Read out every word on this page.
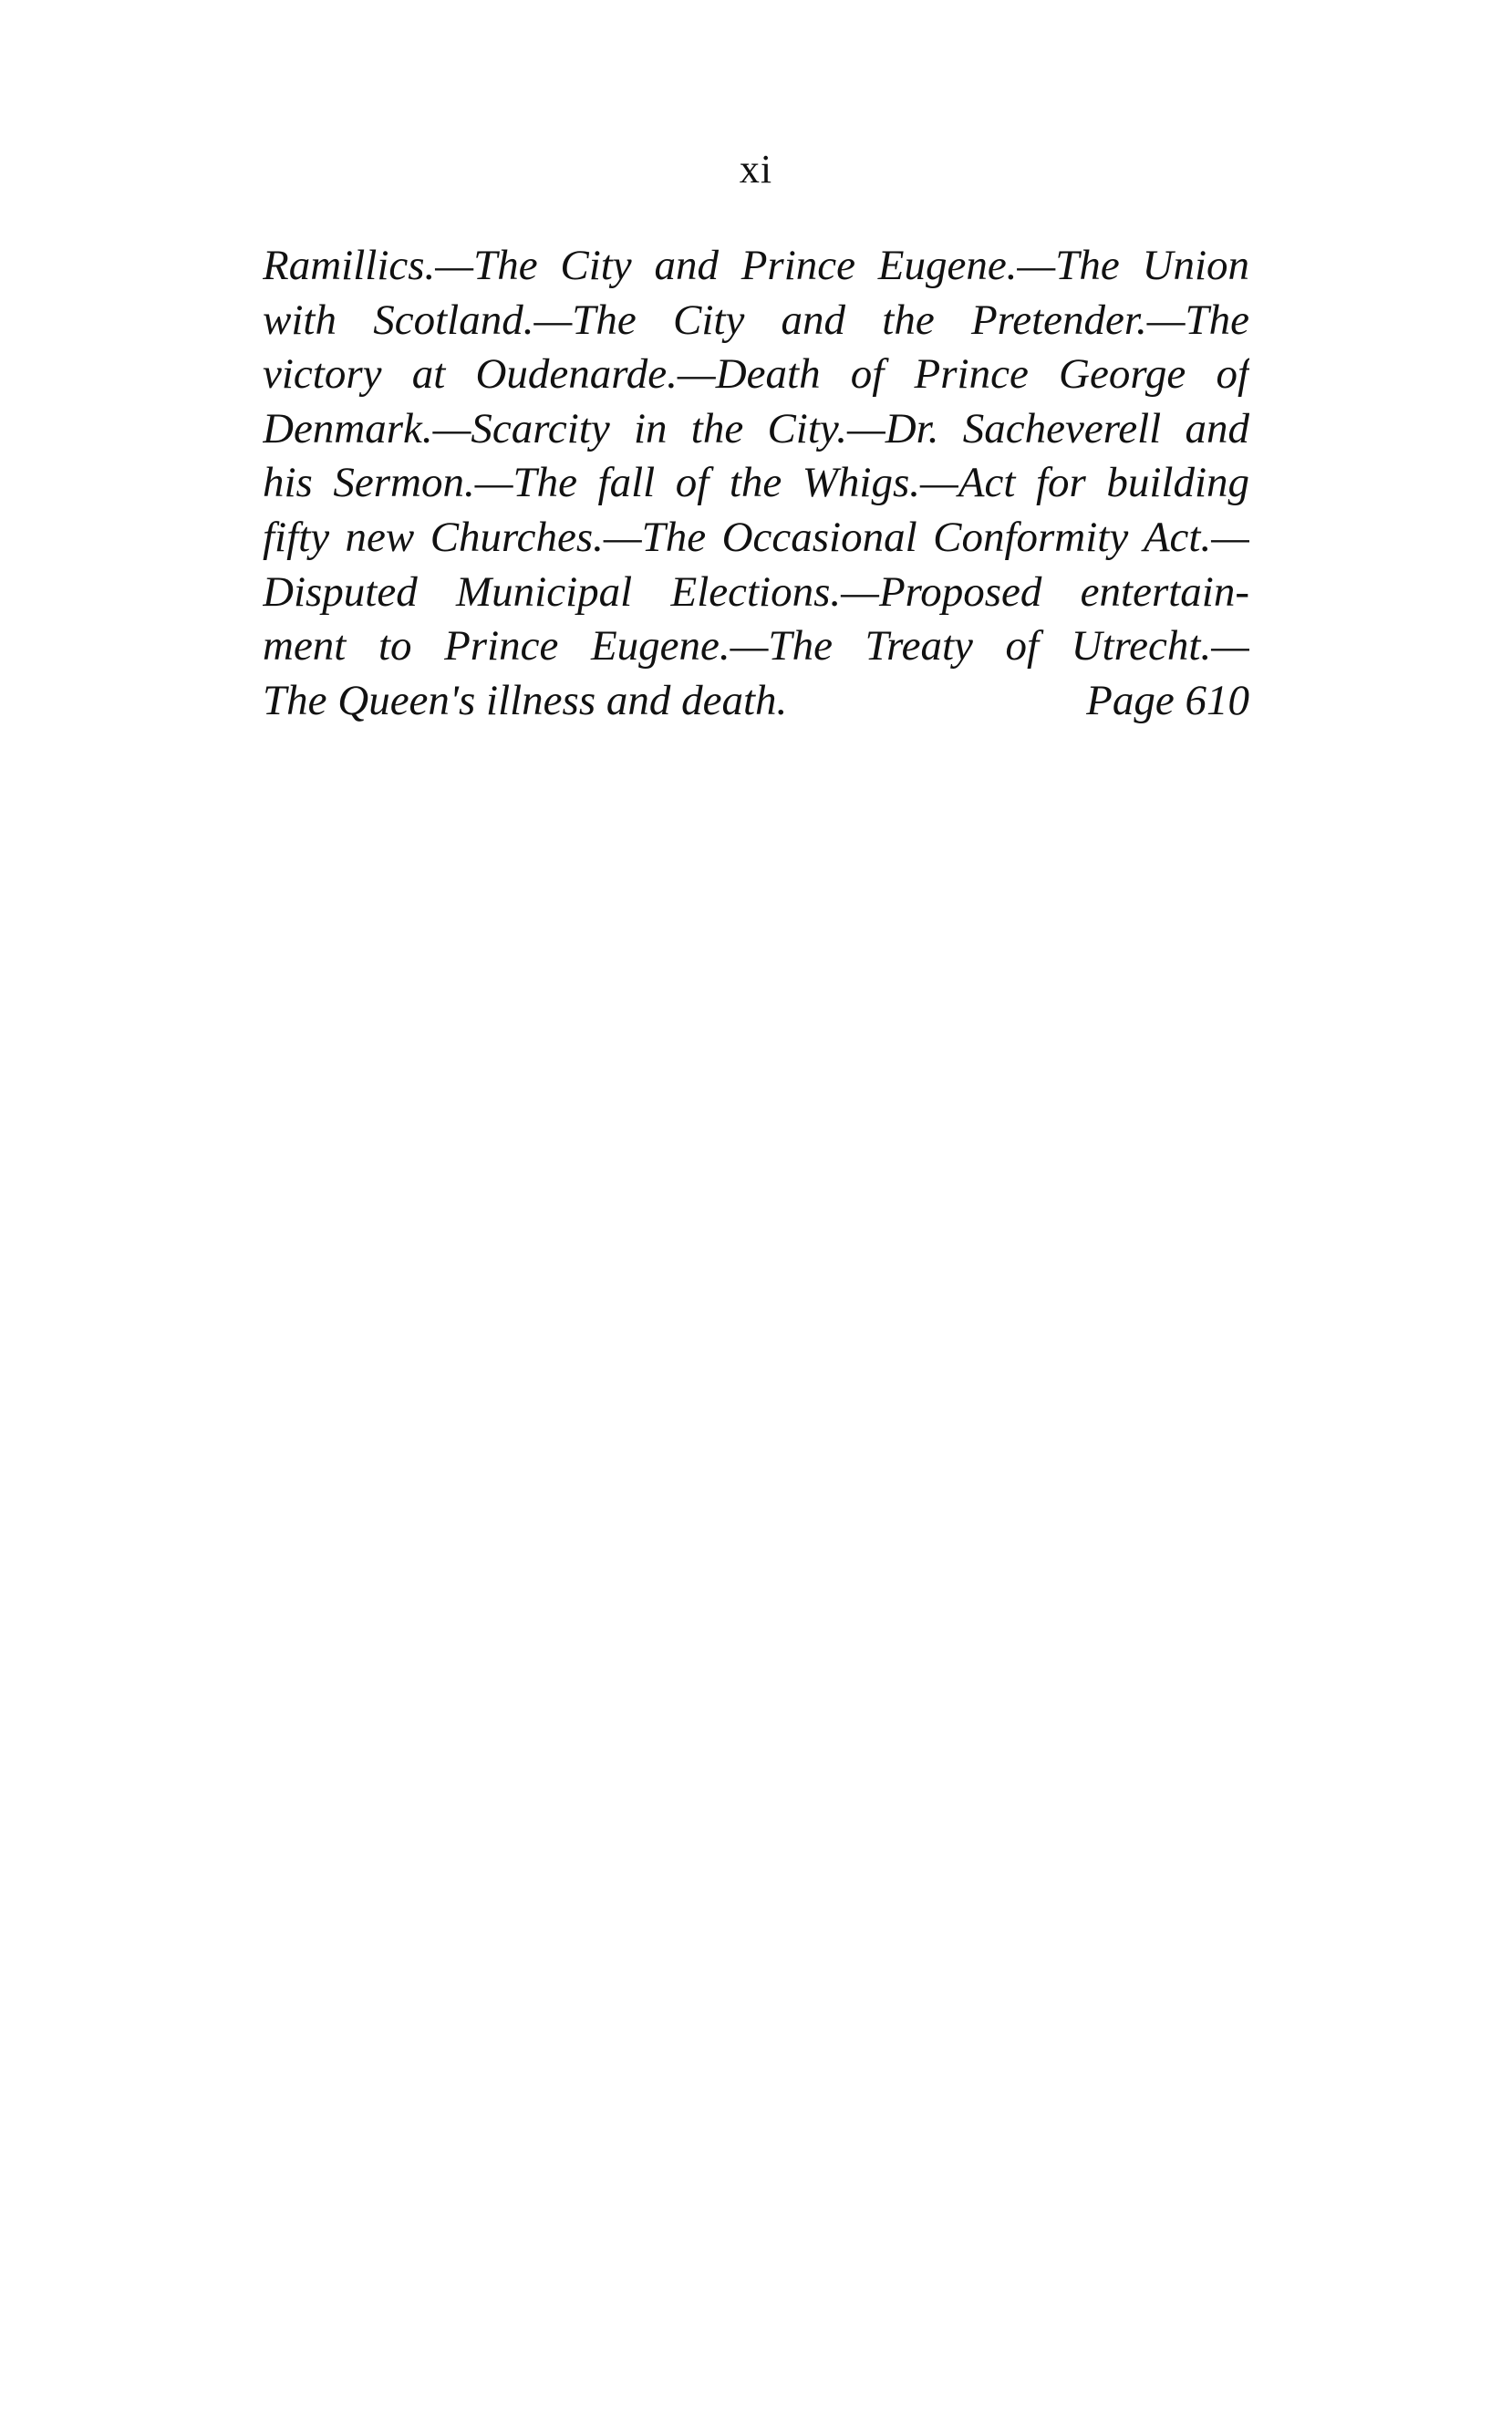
xi
Ramillics.—The City and Prince Eugene.—The Union
with Scotland.—The City and the Pretender.—The
victory at Oudenarde.—Death of Prince George of
Denmark.—Scarcity in the City.—Dr. Sacheverell and
his Sermon.—The fall of the Whigs.—Act for building
fifty new Churches.—The Occasional Conformity Act.—
Disputed Municipal Elections.—Proposed entertain-
ment to Prince Eugene.—The Treaty of Utrecht.—
The Queen's illness and death.	Page 610
